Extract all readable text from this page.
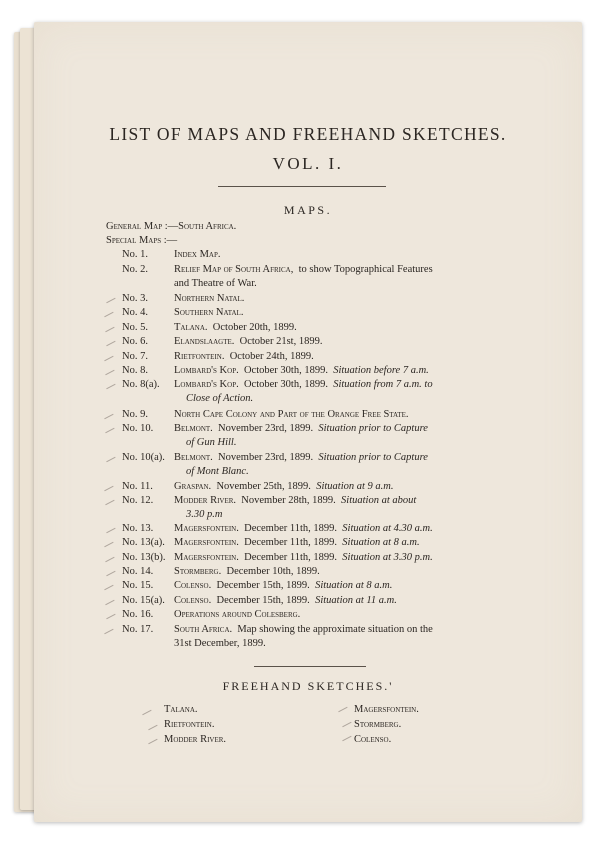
LIST OF MAPS AND FREEHAND SKETCHES.
VOL. I.
MAPS.
General Map :—South Africa.
Special Maps :—
No. 1. Index Map.
No. 2. Relief Map of South Africa,  to show Topographical Features
and Theatre of War.
No. 3. Northern Natal.
No. 4. Southern Natal.
No. 5. Talana.  October 20th, 1899.
No. 6. Elandslaagte.  October 21st, 1899.
No. 7. Rietfontein.  October 24th, 1899.
No. 8. Lombard's Kop.  October 30th, 1899.  Situation before 7 a.m.
No. 8(a). Lombard's Kop.  October 30th, 1899.  Situation from 7 a.m. to
Close of Action.
No. 9. North Cape Colony and Part of the Orange Free State.
No. 10. Belmont.  November 23rd, 1899.  Situation prior to Capture
of Gun Hill.
No. 10(a). Belmont.  November 23rd, 1899.  Situation prior to Capture
of Mont Blanc.
No. 11. Graspan.  November 25th, 1899.  Situation at 9 a.m.
No. 12. Modder River.  November 28th, 1899.  Situation at about
3.30 p.m
No. 13. Magersfontein.  December 11th, 1899.  Situation at 4.30 a.m.
No. 13(a). Magersfontein.  December 11th, 1899.  Situation at 8 a.m.
No. 13(b). Magersfontein.  December 11th, 1899.  Situation at 3.30 p.m.
No. 14. Stormberg.  December 10th, 1899.
No. 15. Colenso.  December 15th, 1899.  Situation at 8 a.m.
No. 15(a). Colenso.  December 15th, 1899.  Situation at 11 a.m.
No. 16. Operations around Colesberg.
No. 17. South Africa.  Map showing the approximate situation on the
31st December, 1899.
FREEHAND SKETCHES.'
Talana.
Rietfontein.
Modder River.
Magersfontein.
Stormberg.
Colenso.
